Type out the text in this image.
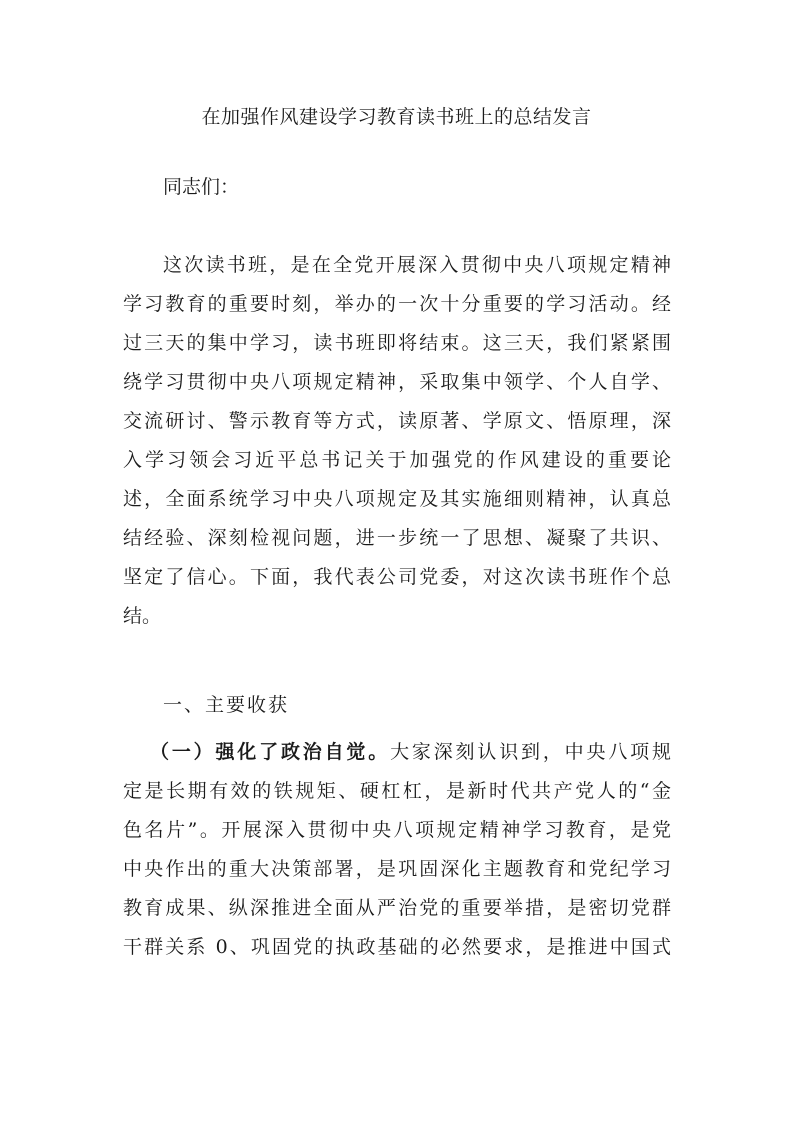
在加强作风建设学习教育读书班上的总结发言
同志们：
这次读书班，是在全党开展深入贯彻中央八项规定精神
学习教育的重要时刻，举办的一次十分重要的学习活动。经
过三天的集中学习，读书班即将结束。这三天，我们紧紧围
绕学习贯彻中央八项规定精神，采取集中领学、个人自学、
交流研讨、警示教育等方式，读原著、学原文、悟原理，深
入学习领会习近平总书记关于加强党的作风建设的重要论
述，全面系统学习中央八项规定及其实施细则精神，认真总
结经验、深刻检视问题，进一步统一了思想、凝聚了共识、
坚定了信心。下面，我代表公司党委，对这次读书班作个总
结。
一、主要收获
（一）强化了政治自觉。大家深刻认识到，中央八项规
定是长期有效的铁规矩、硬杠杠，是新时代共产党人的“金
色名片”。开展深入贯彻中央八项规定精神学习教育，是党
中央作出的重大决策部署，是巩固深化主题教育和党纪学习
教育成果、纵深推进全面从严治党的重要举措，是密切党群
干群关系 0、巩固党的执政基础的必然要求，是推进中国式
